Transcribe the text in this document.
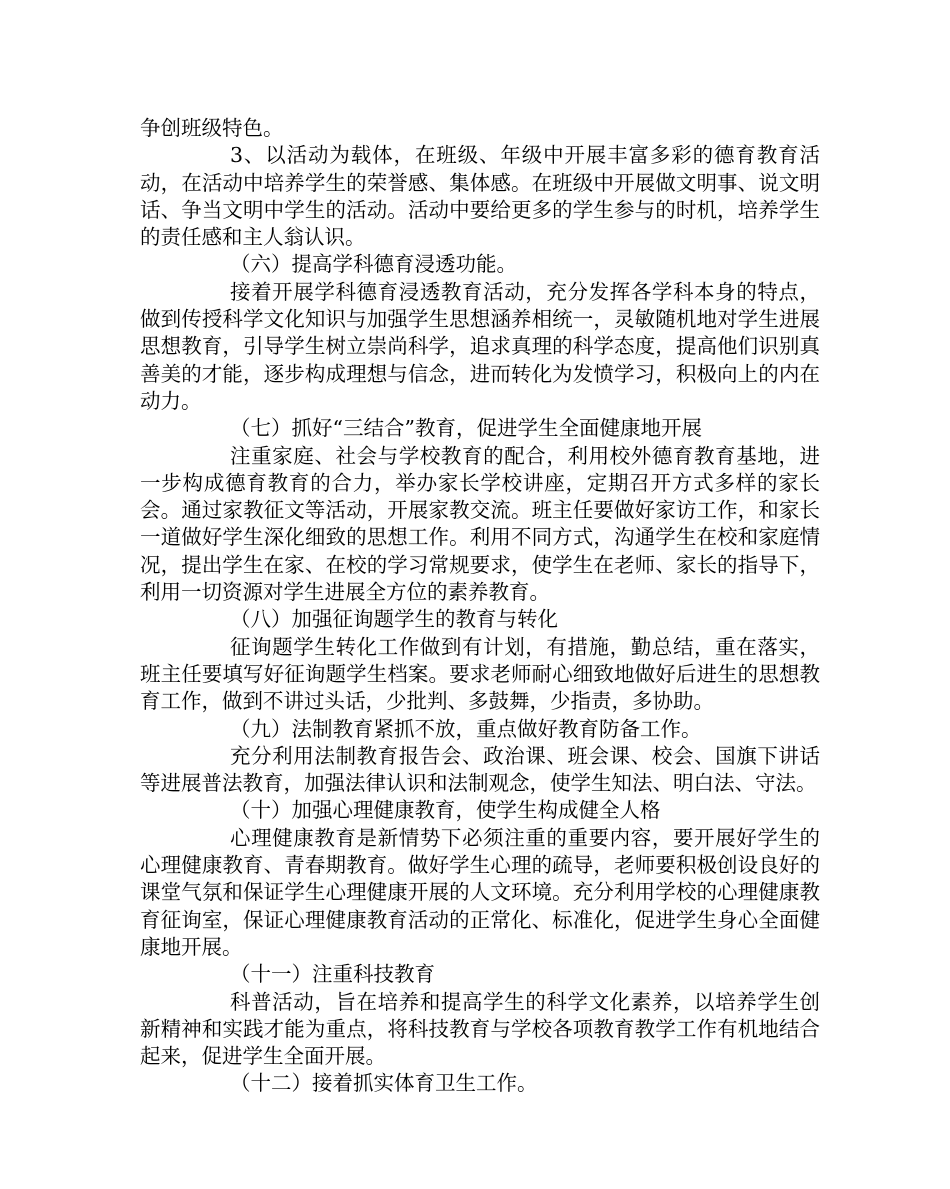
争创班级特色。

3、以活动为载体，在班级、年级中开展丰富多彩的德育教育活动，在活动中培养学生的荣誉感、集体感。在班级中开展做文明事、说文明话、争当文明中学生的活动。活动中要给更多的学生参与的时机，培养学生的责任感和主人翁认识。

（六）提高学科德育浸透功能。

接着开展学科德育浸透教育活动，充分发挥各学科本身的特点，做到传授科学文化知识与加强学生思想涵养相统一，灵敏随机地对学生进展思想教育，引导学生树立崇尚科学，追求真理的科学态度，提高他们识别真善美的才能，逐步构成理想与信念，进而转化为发愤学习，积极向上的内在动力。

（七）抓好“三结合”教育，促进学生全面健康地开展

注重家庭、社会与学校教育的配合，利用校外德育教育基地，进一步构成德育教育的合力，举办家长学校讲座，定期召开方式多样的家长会。通过家教征文等活动，开展家教交流。班主任要做好家访工作，和家长一道做好学生深化细致的思想工作。利用不同方式，沟通学生在校和家庭情况，提出学生在家、在校的学习常规要求，使学生在老师、家长的指导下，利用一切资源对学生进展全方位的素养教育。

（八）加强征询题学生的教育与转化

征询题学生转化工作做到有计划，有措施，勤总结，重在落实，班主任要填写好征询题学生档案。要求老师耐心细致地做好后进生的思想教育工作，做到不讲过头话，少批判、多鼓舞，少指责，多协助。

（九）法制教育紧抓不放，重点做好教育防备工作。

充分利用法制教育报告会、政治课、班会课、校会、国旗下讲话等进展普法教育，加强法律认识和法制观念，使学生知法、明白法、守法。

（十）加强心理健康教育，使学生构成健全人格

心理健康教育是新情势下必须注重的重要内容，要开展好学生的心理健康教育、青春期教育。做好学生心理的疏导，老师要积极创设良好的课堂气氛和保证学生心理健康开展的人文环境。充分利用学校的心理健康教育征询室，保证心理健康教育活动的正常化、标准化，促进学生身心全面健康地开展。

（十一）注重科技教育

科普活动，旨在培养和提高学生的科学文化素养，以培养学生创新精神和实践才能为重点，将科技教育与学校各项教育教学工作有机地结合起来，促进学生全面开展。

（十二）接着抓实体育卫生工作。
